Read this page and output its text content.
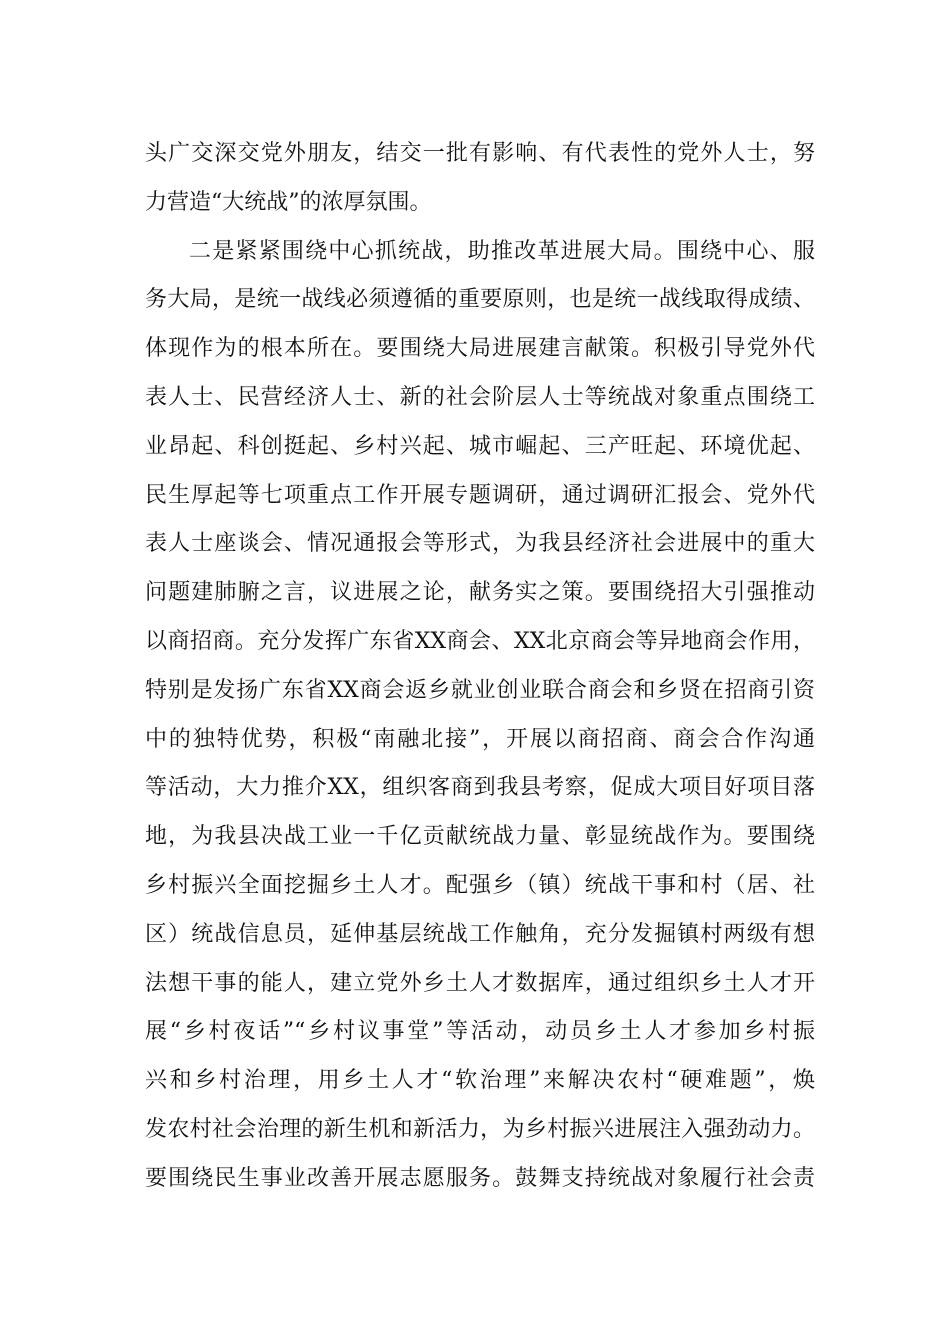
头广交深交党外朋友，结交一批有影响、有代表性的党外人士，努
力营造“大统战”的浓厚氛围。
二是紧紧围绕中心抓统战，助推改革进展大局。围绕中心、服
务大局，是统一战线必须遵循的重要原则，也是统一战线取得成绩、
体现作为的根本所在。要围绕大局进展建言献策。积极引导党外代
表人士、民营经济人士、新的社会阶层人士等统战对象重点围绕工
业昂起、科创挺起、乡村兴起、城市崛起、三产旺起、环境优起、
民生厚起等七项重点工作开展专题调研，通过调研汇报会、党外代
表人士座谈会、情况通报会等形式，为我县经济社会进展中的重大
问题建肺腑之言，议进展之论，献务实之策。要围绕招大引强推动
以商招商。充分发挥广东省XX商会、XX北京商会等异地商会作用，
特别是发扬广东省XX商会返乡就业创业联合商会和乡贤在招商引资
中的独特优势，积极“南融北接”，开展以商招商、商会合作沟通
等活动，大力推介XX，组织客商到我县考察，促成大项目好项目落
地，为我县决战工业一千亿贡献统战力量、彰显统战作为。要围绕
乡村振兴全面挖掘乡土人才。配强乡（镇）统战干事和村（居、社
区）统战信息员，延伸基层统战工作触角，充分发掘镇村两级有想
法想干事的能人，建立党外乡土人才数据库，通过组织乡土人才开
展“乡村夜话”“乡村议事堂”等活动，动员乡土人才参加乡村振
兴和乡村治理，用乡土人才“软治理”来解决农村“硬难题”，焕
发农村社会治理的新生机和新活力，为乡村振兴进展注入强劲动力。
要围绕民生事业改善开展志愿服务。鼓舞支持统战对象履行社会责
